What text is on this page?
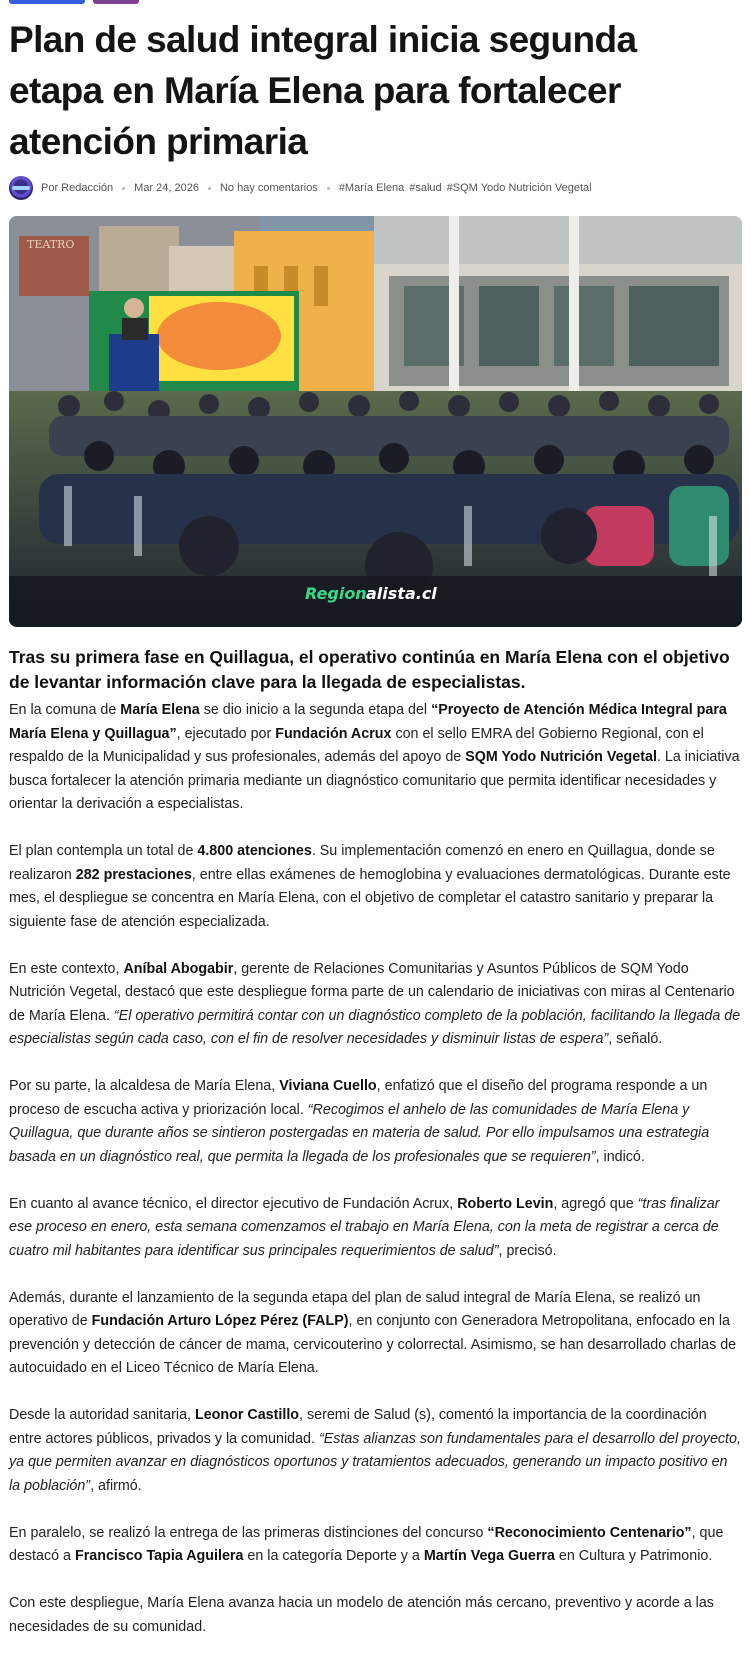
Plan de salud integral inicia segunda etapa en María Elena para fortalecer atención primaria
Por Redacción Mar 24, 2026 No hay comentarios #María Elena #salud #SQM Yodo Nutrición Vegetal
TEATRO
Region alista.cl

Tras su primera fase en Quillagua, el operativo continúa en María Elena con el objetivo de levantar información clave para la llegada de especialistas.

En la comuna de María Elena se dio inicio a la segunda etapa del “Proyecto de Atención Médica Integral para María Elena y Quillagua”, ejecutado por Fundación Acrux con el sello EMRA del Gobierno Regional, con el respaldo de la Municipalidad y sus profesionales, además del apoyo de SQM Yodo Nutrición Vegetal. La iniciativa busca fortalecer la atención primaria mediante un diagnóstico comunitario que permita identificar necesidades y orientar la derivación a especialistas.

El plan contempla un total de 4.800 atenciones. Su implementación comenzó en enero en Quillagua, donde se realizaron 282 prestaciones, entre ellas exámenes de hemoglobina y evaluaciones dermatológicas. Durante este mes, el despliegue se concentra en María Elena, con el objetivo de completar el catastro sanitario y preparar la siguiente fase de atención especializada.

En este contexto, Aníbal Abogabir, gerente de Relaciones Comunitarias y Asuntos Públicos de SQM Yodo Nutrición Vegetal, destacó que este despliegue forma parte de un calendario de iniciativas con miras al Centenario de María Elena. “El operativo permitirá contar con un diagnóstico completo de la población, facilitando la llegada de especialistas según cada caso, con el fin de resolver necesidades y disminuir listas de espera”, señaló.

Por su parte, la alcaldesa de María Elena, Viviana Cuello, enfatizó que el diseño del programa responde a un proceso de escucha activa y priorización local. “Recogimos el anhelo de las comunidades de María Elena y Quillagua, que durante años se sintieron postergadas en materia de salud. Por ello impulsamos una estrategia basada en un diagnóstico real, que permita la llegada de los profesionales que se requieren”, indicó.

En cuanto al avance técnico, el director ejecutivo de Fundación Acrux, Roberto Levin, agregó que “tras finalizar ese proceso en enero, esta semana comenzamos el trabajo en María Elena, con la meta de registrar a cerca de cuatro mil habitantes para identificar sus principales requerimientos de salud”, precisó.

Además, durante el lanzamiento de la segunda etapa del plan de salud integral de María Elena, se realizó un operativo de Fundación Arturo López Pérez (FALP), en conjunto con Generadora Metropolitana, enfocado en la prevención y detección de cáncer de mama, cervicouterino y colorrectal. Asimismo, se han desarrollado charlas de autocuidado en el Liceo Técnico de María Elena.

Desde la autoridad sanitaria, Leonor Castillo, seremi de Salud (s), comentó la importancia de la coordinación entre actores públicos, privados y la comunidad. “Estas alianzas son fundamentales para el desarrollo del proyecto, ya que permiten avanzar en diagnósticos oportunos y tratamientos adecuados, generando un impacto positivo en la población”, afirmó.

En paralelo, se realizó la entrega de las primeras distinciones del concurso “Reconocimiento Centenario”, que destacó a Francisco Tapia Aguilera en la categoría Deporte y a Martín Vega Guerra en Cultura y Patrimonio.

Con este despliegue, María Elena avanza hacia un modelo de atención más cercano, preventivo y acorde a las necesidades de su comunidad.
